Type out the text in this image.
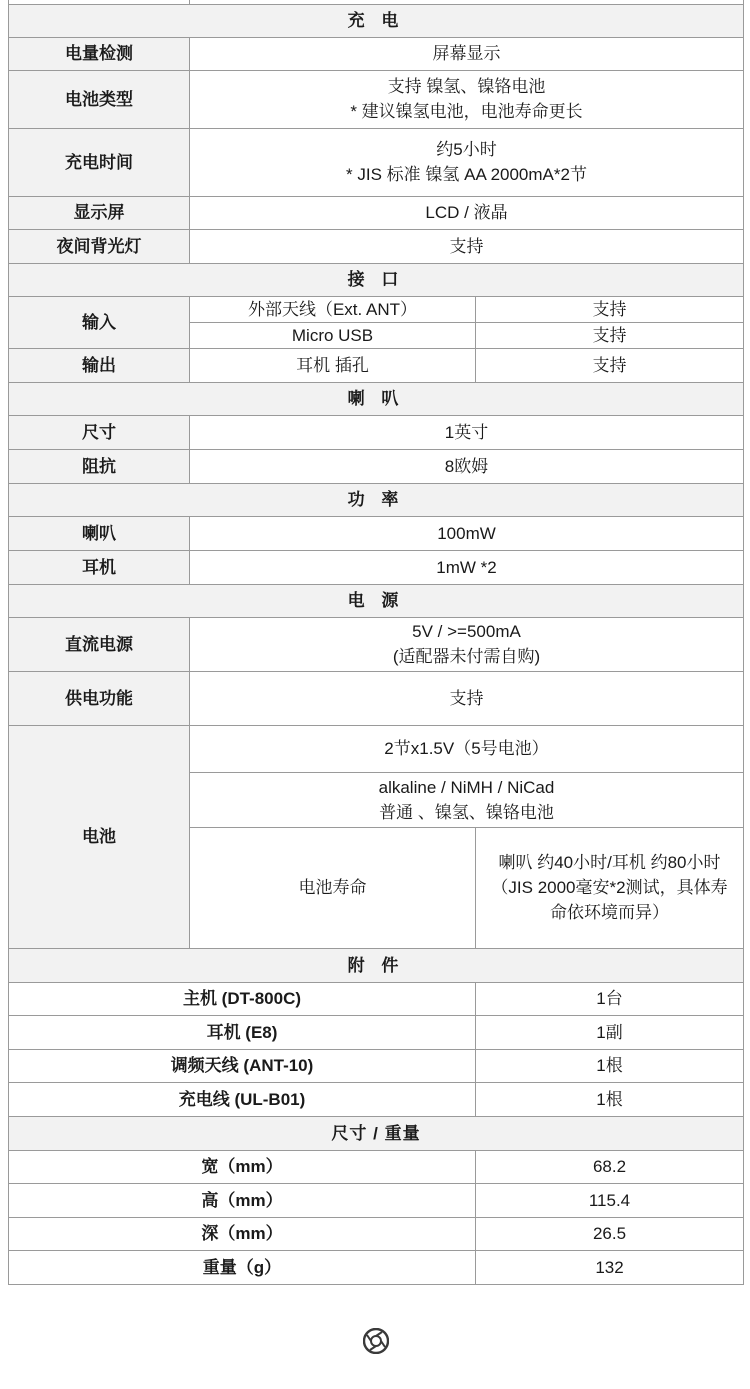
充 电		
电量检测	屏幕显示	
电池类型	支持 镍氢、镍铬电池
* 建议镍氢电池，电池寿命更长	
充电时间	约5小时
* JIS 标准 镍氢 AA 2000mA*2节	
显示屏	LCD / 液晶	
夜间背光灯	支持	
接 口		
输入	外部天线（Ext. ANT）	支持
	Micro USB	支持
输出	耳机 插孔	支持
喇 叭		
尺寸	1英寸	
阻抗	8欧姆	
功 率		
喇叭	100mW	
耳机	1mW *2	
电 源		
直流电源	5V / >=500mA
(适配器未付需自购)	
供电功能	支持	
电池	2节x1.5V（5号电池）	
	alkaline / NiMH / NiCad
普通 、镍氢、镍铬电池	
	电池寿命	喇叭 约40小时/耳机 约80小时
（JIS 2000毫安*2测试，具体寿
命依环境而异）
附 件		
主机 (DT-800C)		1台
耳机 (E8)		1副
调频天线 (ANT-10)		1根
充电线 (UL-B01)		1根
尺寸 / 重量		
宽（mm）		68.2
高（mm）		115.4
深（mm）		26.5
重量（g）		132
